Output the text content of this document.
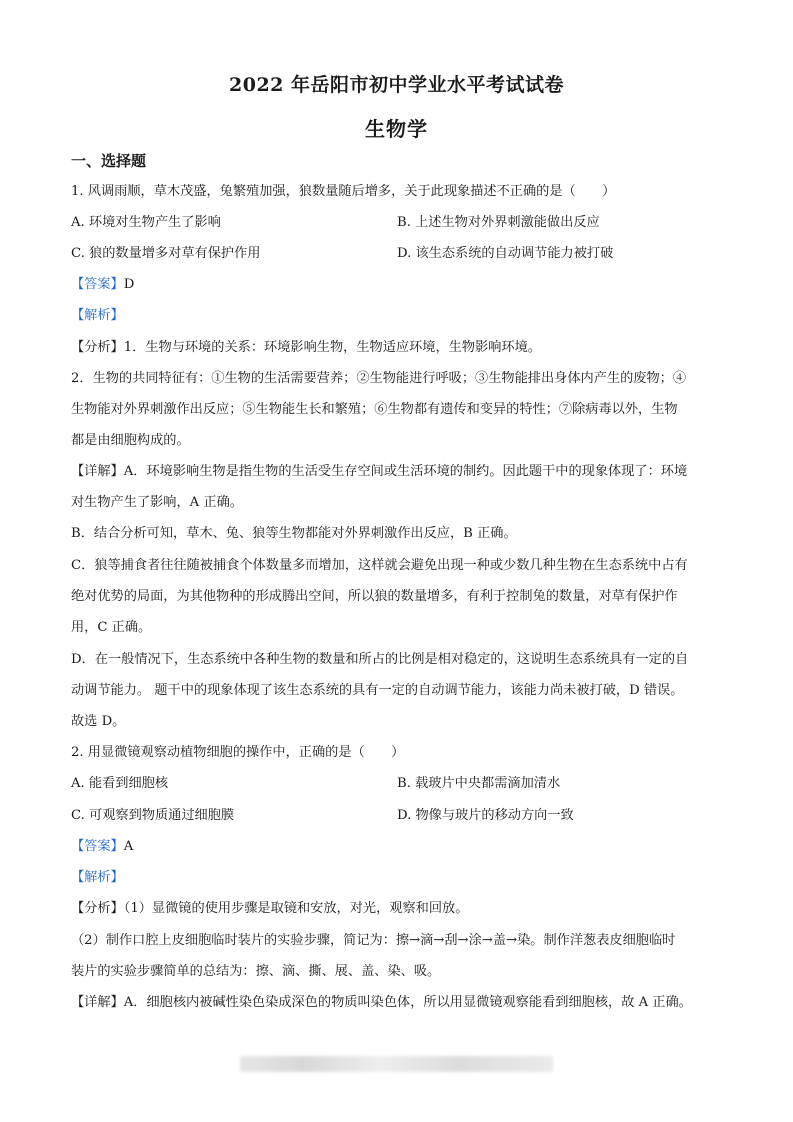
2022 年岳阳市初中学业水平考试试卷
生物学
一、选择题
1. 风调雨顺，草木茂盛，兔繁殖加强，狼数量随后增多，关于此现象描述不正确的是（　　）
A. 环境对生物产生了影响	B. 上述生物对外界刺激能做出反应
C. 狼的数量增多对草有保护作用	D. 该生态系统的自动调节能力被打破
【答案】D
【解析】
【分析】1．生物与环境的关系：环境影响生物，生物适应环境，生物影响环境。
2．生物的共同特征有：①生物的生活需要营养；②生物能进行呼吸；③生物能排出身体内产生的废物；④
生物能对外界刺激作出反应；⑤生物能生长和繁殖；⑥生物都有遗传和变异的特性；⑦除病毒以外，生物
都是由细胞构成的。
【详解】A．环境影响生物是指生物的生活受生存空间或生活环境的制约。因此题干中的现象体现了：环境
对生物产生了影响，A 正确。
B．结合分析可知，草木、兔、狼等生物都能对外界刺激作出反应，B 正确。
C．狼等捕食者往往随被捕食个体数量多而增加，这样就会避免出现一种或少数几种生物在生态系统中占有
绝对优势的局面，为其他物种的形成腾出空间，所以狼的数量增多，有利于控制兔的数量，对草有保护作
用，C 正确。
D．在一般情况下，生态系统中各种生物的数量和所占的比例是相对稳定的，这说明生态系统具有一定的自
动调节能力。 题干中的现象体现了该生态系统的具有一定的自动调节能力，该能力尚未被打破，D 错误。
故选 D。
2. 用显微镜观察动植物细胞的操作中，正确的是（　　）
A. 能看到细胞核	B. 载玻片中央都需滴加清水
C. 可观察到物质通过细胞膜	D. 物像与玻片的移动方向一致
【答案】A
【解析】
【分析】（1）显微镜的使用步骤是取镜和安放，对光，观察和回放。
（2）制作口腔上皮细胞临时装片的实验步骤，简记为：擦→滴→刮→涂→盖→染。制作洋葱表皮细胞临时
装片的实验步骤简单的总结为：擦、滴、撕、展、盖、染、吸。
【详解】A．细胞核内被碱性染色染成深色的物质叫染色体，所以用显微镜观察能看到细胞核，故 A 正确。
